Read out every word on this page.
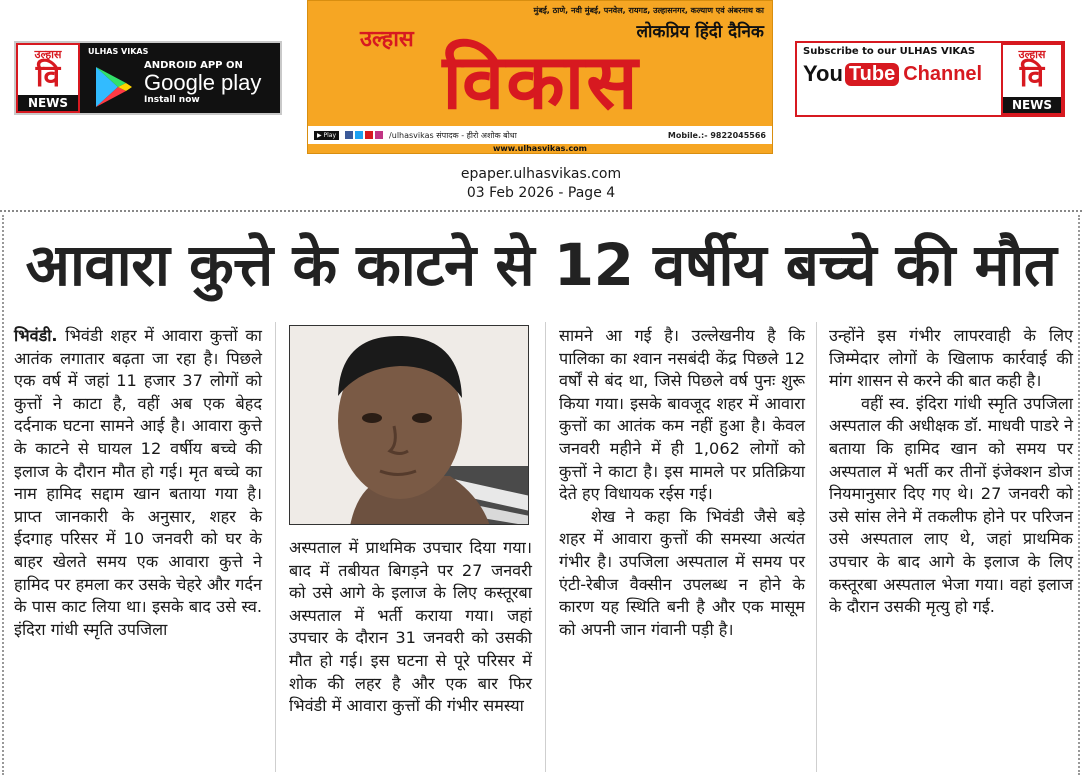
उल्हास
वि
NEWS
ULHAS VIKAS
ANDROID APP ON
Google play
Install now
मुंबई, ठाणे, नवी मुंबई, पनवेल, रायगड, उल्हासनगर, कल्याण एवं अंबरनाथ का
लोकप्रिय हिंदी दैनिक
उल्हास विकास
▶ Play	/ulhasvikas संपादक - हीरो अशोक बोधा	Mobile.:- 9822045566
www.ulhasvikas.com
Subscribe to our ULHAS VIKAS
You Tube Channel
उल्हास
वि
NEWS
epaper.ulhasvikas.com
03 Feb 2026 - Page 4
आवारा कुत्ते के काटने से 12 वर्षीय बच्चे की मौत

भिवंडी. भिवंडी शहर में आवारा कुत्तों का आतंक लगातार बढ़ता जा रहा है। पिछले एक वर्ष में जहां 11 हजार 37 लोगों को कुत्तों ने काटा है, वहीं अब एक बेहद दर्दनाक घटना सामने आई है। आवारा कुत्ते के काटने से घायल 12 वर्षीय बच्चे की इलाज के दौरान मौत हो गई। मृत बच्चे का नाम हामिद सद्दाम खान बताया गया है। प्राप्त जानकारी के अनुसार, शहर के ईदगाह परिसर में 10 जनवरी को घर के बाहर खेलते समय एक आवारा कुत्ते ने हामिद पर हमला कर उसके चेहरे और गर्दन के पास काट लिया था। इसके बाद उसे स्व. इंदिरा गांधी स्मृति उपजिला

अस्पताल में प्राथमिक उपचार दिया गया। बाद में तबीयत बिगड़ने पर 27 जनवरी को उसे आगे के इलाज के लिए कस्तूरबा अस्पताल में भर्ती कराया गया। जहां उपचार के दौरान 31 जनवरी को उसकी मौत हो गई। इस घटना से पूरे परिसर में शोक की लहर है और एक बार फिर भिवंडी में आवारा कुत्तों की गंभीर समस्या

सामने आ गई है। उल्लेखनीय है कि पालिका का श्वान नसबंदी केंद्र पिछले 12 वर्षों से बंद था, जिसे पिछले वर्ष पुनः शुरू किया गया। इसके बावजूद शहर में आवारा कुत्तों का आतंक कम नहीं हुआ है। केवल जनवरी महीने में ही 1,062 लोगों को कुत्तों ने काटा है। इस मामले पर प्रतिक्रिया देते हए विधायक रईस गई।

शेख ने कहा कि भिवंडी जैसे बड़े शहर में आवारा कुत्तों की समस्या अत्यंत गंभीर है। उपजिला अस्पताल में समय पर एंटी-रेबीज वैक्सीन उपलब्ध न होने के कारण यह स्थिति बनी है और एक मासूम को अपनी जान गंवानी पड़ी है।

उन्होंने इस गंभीर लापरवाही के लिए जिम्मेदार लोगों के खिलाफ कार्रवाई की मांग शासन से करने की बात कही है।

वहीं स्व. इंदिरा गांधी स्मृति उपजिला अस्पताल की अधीक्षक डॉ. माधवी पाडरे ने बताया कि हामिद खान को समय पर अस्पताल में भर्ती कर तीनों इंजेक्शन डोज नियमानुसार दिए गए थे। 27 जनवरी को उसे सांस लेने में तकलीफ होने पर परिजन उसे अस्पताल लाए थे, जहां प्राथमिक उपचार के बाद आगे के इलाज के लिए कस्तूरबा अस्पताल भेजा गया। वहां इलाज के दौरान उसकी मृत्यु हो गई.
